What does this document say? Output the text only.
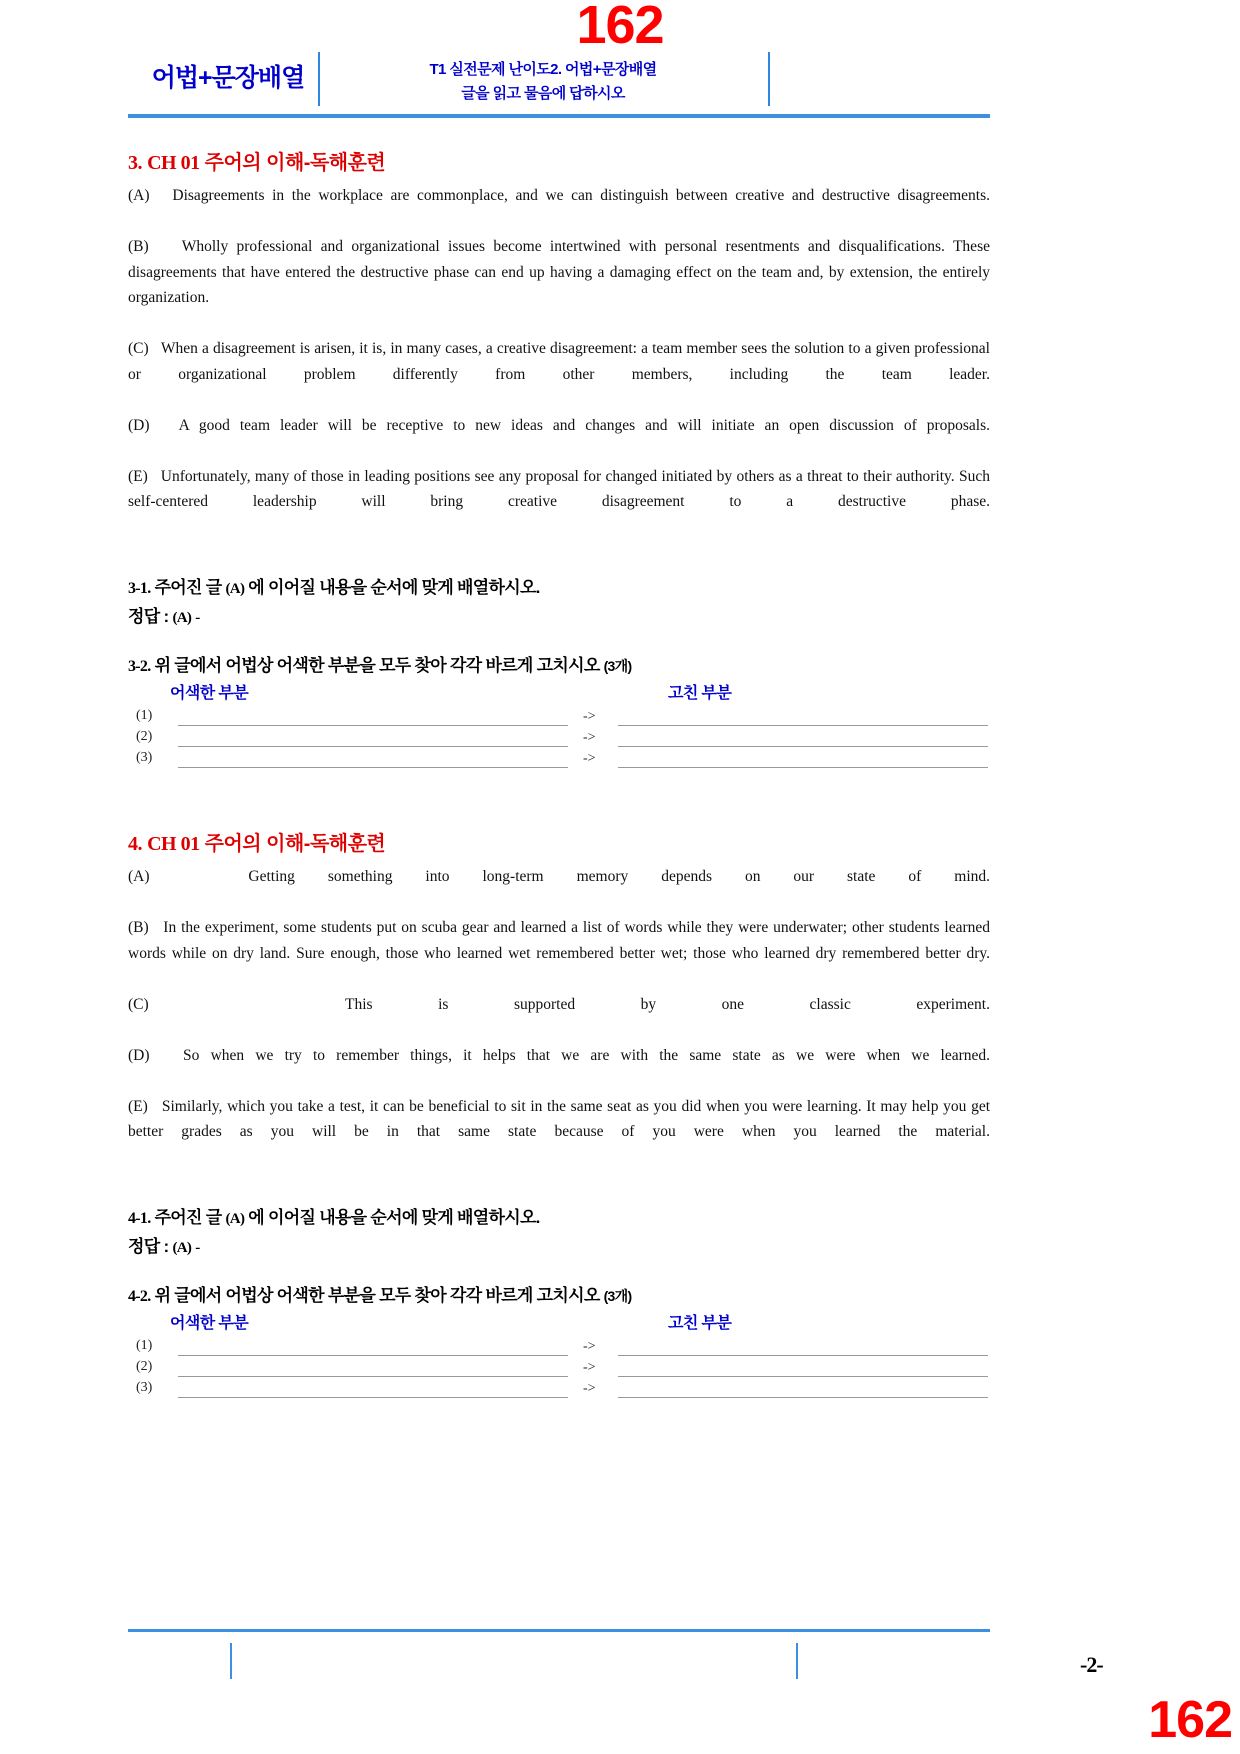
162
어법+문장배열	T1 실전문제 난이도2. 어법+문장배열
글을 읽고 물음에 답하시오
3. CH 01 주어의 이해-독해훈련

(A) Disagreements in the workplace are commonplace, and we can distinguish between creative and destructive disagreements.

(B) Wholly professional and organizational issues become intertwined with personal resentments and disqualifications. These disagreements that have entered the destructive phase can end up having a damaging effect on the team and, by extension, the entirely organization.

(C) When a disagreement is arisen, it is, in many cases, a creative disagreement: a team member sees the solution to a given professional or organizational problem differently from other members, including the team leader.

(D) A good team leader will be receptive to new ideas and changes and will initiate an open discussion of proposals.

(E) Unfortunately, many of those in leading positions see any proposal for changed initiated by others as a threat to their authority. Such self-centered leadership will bring creative disagreement to a destructive phase.

3-1. 주어진 글 (A) 에 이어질 내용을 순서에 맞게 배열하시오.
정답 : (A) -
3-2. 위 글에서 어법상 어색한 부분을 모두 찾아 각각 바르게 고치시오 (3개)
어색한 부분	고친 부분
(1)	->
(2)	->
(3)	->
4. CH 01 주어의 이해-독해훈련

(A)	Getting something into long-term memory depends on our state of mind.

(B) In the experiment, some students put on scuba gear and learned a list of words while they were underwater; other students learned words while on dry land. Sure enough, those who learned wet remembered better wet; those who learned dry remembered better dry.

(C)	This is supported by one classic experiment.

(D) So when we try to remember things, it helps that we are with the same state as we were when we learned.

(E) Similarly, which you take a test, it can be beneficial to sit in the same seat as you did when you were learning. It may help you get better grades as you will be in that same state because of you were when you learned the material.

4-1. 주어진 글 (A) 에 이어질 내용을 순서에 맞게 배열하시오.
정답 : (A) -
4-2. 위 글에서 어법상 어색한 부분을 모두 찾아 각각 바르게 고치시오 (3개)
어색한 부분	고친 부분
(1)	->
(2)	->
(3)	->
-2-
162
